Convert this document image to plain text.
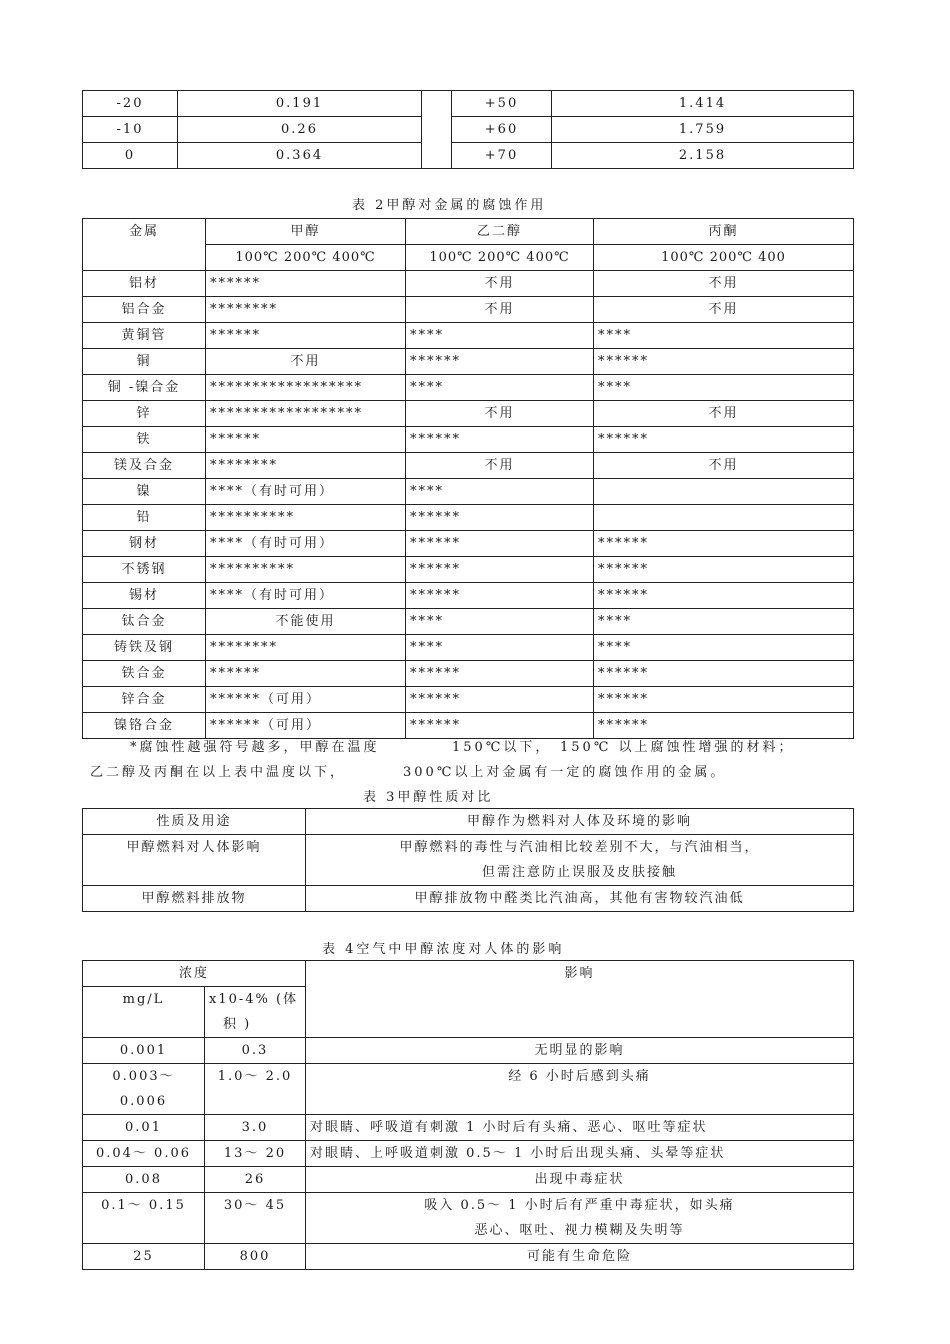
-20	0.191		+50	1.414
-10	0.26		+60	1.759
0	0.364		+70	2.158
表 2甲醇对金属的腐蚀作用
金属	甲醇	乙二醇	丙酮
	100℃ 200℃ 400℃	100℃ 200℃ 400℃	100℃ 200℃ 400
铝材	******	不用	不用
铝合金	********	不用	不用
黄铜管	******	****	****
铜	不用	******	******
铜 -镍合金	******************	****	****
锌	******************	不用	不用
铁	******	******	******
镁及合金	********	不用	不用
镍	****（有时可用）	****	
铅	**********	******	
钢材	****（有时可用）	******	******
不锈钢	**********	******	******
锡材	****（有时可用）	******	******
钛合金	不能使用	****	****
铸铁及钢	********	****	****
铁合金	******	******	******
锌合金	******（可用）	******	******
镍铬合金	******（可用）	******	******
*腐蚀性越强符号越多，甲醇在温度	150℃以下， 150℃ 以上腐蚀性增强的材料；
乙二醇及丙酮在以上表中温度以下，	300℃以上对金属有一定的腐蚀作用的金属。
表 3甲醇性质对比
性质及用途	甲醇作为燃料对人体及环境的影响
甲醇燃料对人体影响	甲醇燃料的毒性与汽油相比较差别不大，与汽油相当，
但需注意防止误服及皮肤接触

甲醇燃料排放物	甲醇排放物中醛类比汽油高，其他有害物较汽油低
表 4空气中甲醇浓度对人体的影响
浓度		影响
mg/L	x10-4% (体
积 )	

0.001	0.3	无明显的影响

0.003～
0.006	1.0～ 2.0	经 6 小时后感到头痛

0.01	3.0	对眼睛、呼吸道有刺激 1 小时后有头痛、恶心、呕吐等症状

0.04～ 0.06	13～ 20	对眼睛、上呼吸道刺激 0.5～ 1 小时后出现头痛、头晕等症状

0.08	26	出现中毒症状

0.1～ 0.15	30～ 45	吸入 0.5～ 1 小时后有严重中毒症状，如头痛
恶心、呕吐、视力模糊及失明等

25	800	可能有生命危险
